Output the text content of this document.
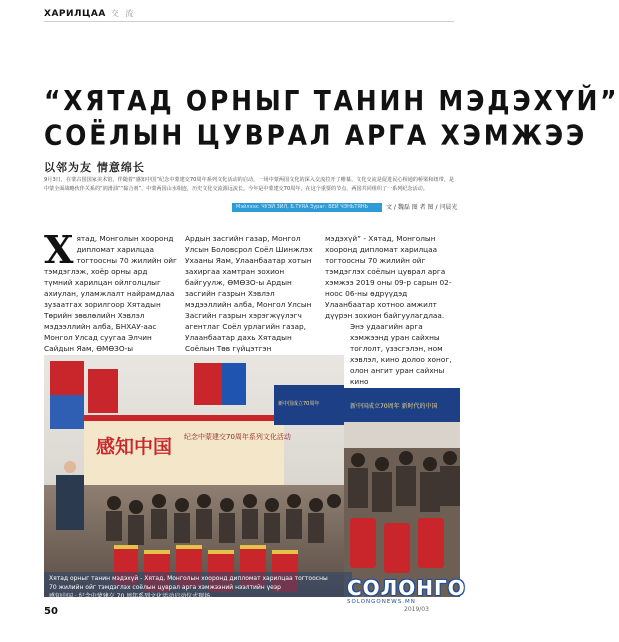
ХАРИЛЦАА 交 流
“ХЯТАД ОРНЫГ ТАНИН МЭДЭХҮЙ”
СОЁЛЫН ЦУВРАЛ АРГА ХЭМЖЭЭ
以邻为友 情意绵长
9月3日，在蒙古国国家美术馆，伴随着“感知中国”纪念中蒙建交70周年系列文化活动的启动，一场中蒙两国文化的深入交流拉开了帷幕。文化交流是促进民心相通的桥梁和纽带，是中蒙全面战略伙伴关系的“润滑油”“黏合剂”，中蒙两国山水相连，历史文化交流源远流长。今年是中蒙建交70周年，在这个重要的节点，两国共同组织了一系列纪念活动。
Мэйлээх: ЧУЭЙ ЗИЛ, Б.ТУЯА Зураг: ВЕЙ ЧЭНЬТЯНЬ	文 / 魏磊 图 者 图 / 闫晨光
Х ятад, Монголын хооронд дипломат харилцаа тогтоосны 70 жилийн ойг тэмдэглэж, хоёр орны ард түмний харилцан ойлголцлыг ахиулан, уламжлалт найрамдлаа зузаатгах зорилгоор Хятадын Төрийн зөвлөлийн Хэвлэл мэдээллийн алба, БНХАУ-аас Монгол Улсад суугаа Элчин Сайдын Яам, ӨМӨЗО-ы

Ардын засгийн газар, Монгол Улсын Боловсрол Соёл Шинжлэх Ухааны Яам, Улаанбаатар хотын захиргаа хамтран зохион байгуулж, ӨМӨЗО-ы Ардын засгийн газрын Хэвлэл мэдээллийн алба, Монгол Улсын Засгийн газрын хэрэгжүүлэгч агентлаг Соёл урлагийн газар, Улаанбаатар дахь Хятадын Соёлын Төв гүйцэтгэн

мэдэхүй” - Хятад, Монголын хооронд дипломат харилцаа тогтоосны 70 жилийн ойг тэмдэглэх соёлын цуврал арга хэмжээ 2019 оны 09-р сарын 02-ноос 06-ны өдрүүдэд Улаанбаатар хотноо амжилт дүүрэн зохион байгуулагдлаа.

Энэ удаагийн арга хэмжээнд уран сайхны тоглолт, үзэсгэлэн, ном хэвлэл, кино долоо хоног, олон ангит уран сайхны кино

感知中国 纪念中蒙建交70周年系列文化活动
新中国成立70周年	新中国成立70周年 新时代的中国
Хятад орныг танин мэдэхүй - Хятад, Монголын хооронд дипломат харилцаа тогтоосны
70 жилийн ойг тэмдэглэх соёлын цуврал арга хэмжээний нээлтийн үеэр
感知中国 · 纪念中蒙建交 70 周年系列文化活动启动仪式现场。	СОЛОНГО
SOLONGONEWS.MN
50	2019/03
